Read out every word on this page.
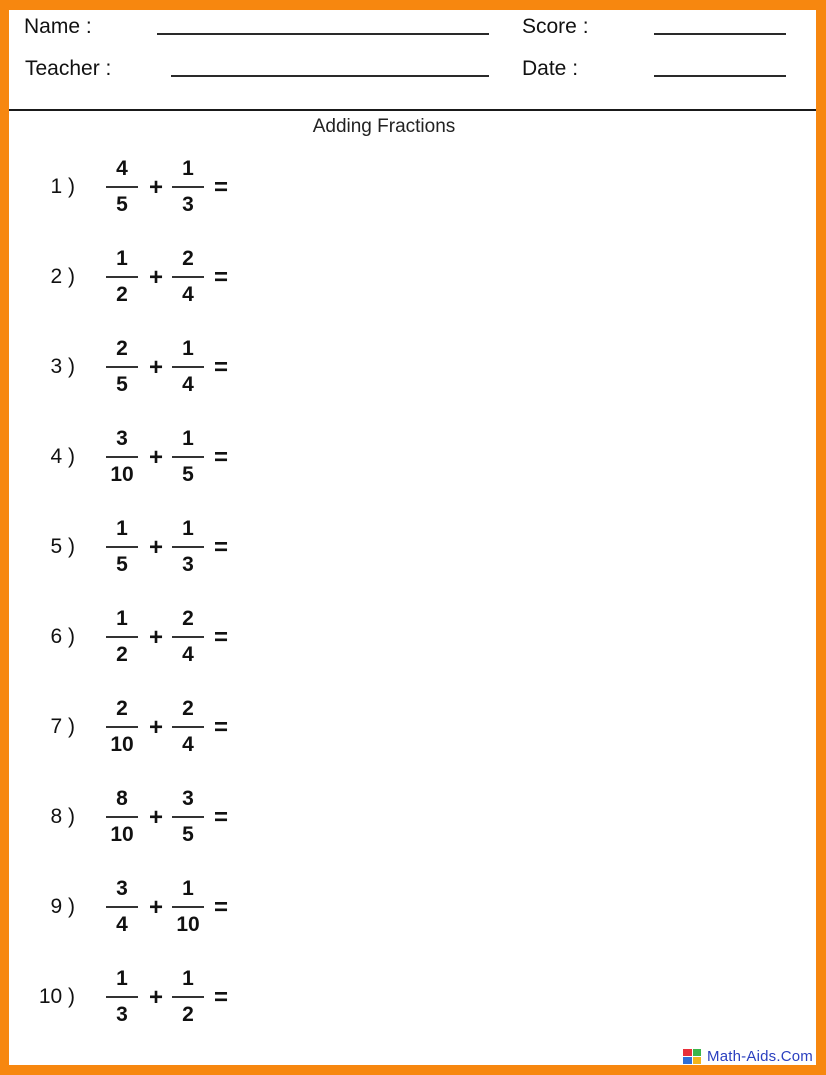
Name :
Teacher :
Score :
Date :
Adding Fractions
1 )
4
5
+
1
3
=
2 )
1
2
+
2
4
=
3 )
2
5
+
1
4
=
4 )
3
10
+
1
5
=
5 )
1
5
+
1
3
=
6 )
1
2
+
2
4
=
7 )
2
10
+
2
4
=
8 )
8
10
+
3
5
=
9 )
3
4
+
1
10
=
10 )
1
3
+
1
2
=
Math-Aids.Com
